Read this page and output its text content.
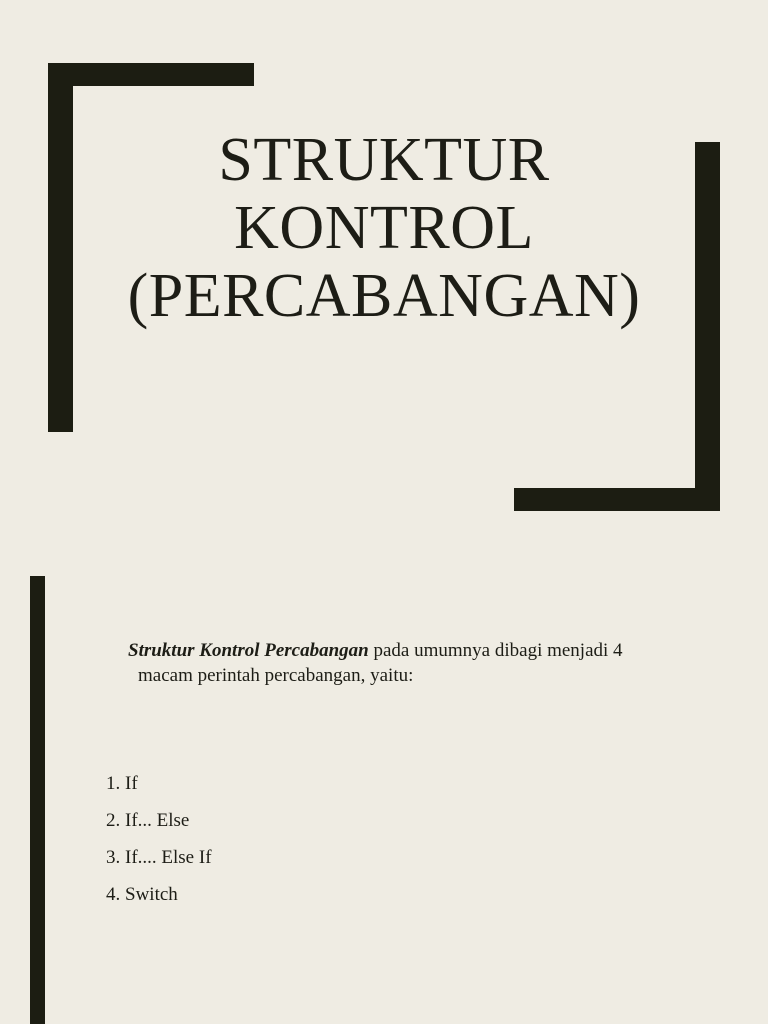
STRUKTUR
KONTROL
(PERCABANGAN)

Struktur Kontrol Percabangan pada umumnya dibagi menjadi 4
macam perintah percabangan, yaitu:

1. If
2. If... Else
3. If.... Else If
4. Switch
